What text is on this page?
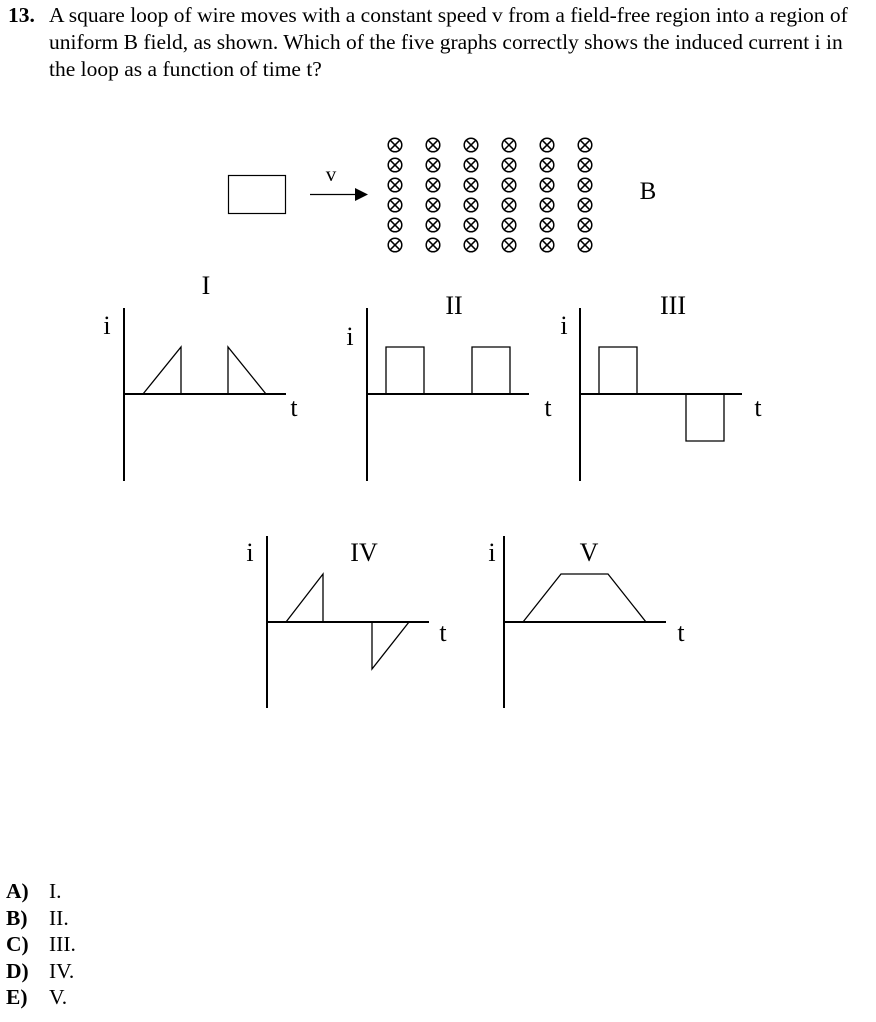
13. A square loop of wire moves with a constant speed v from a field-free region into a region of uniform B field, as shown. Which of the five graphs correctly shows the induced current i in the loop as a function of time t?
v
B
I
i
t
II
i
t
III
i
t
IV
i
t
V
i
t
A) I.
B)	II.
C) III.
D) IV.
E)	V.
